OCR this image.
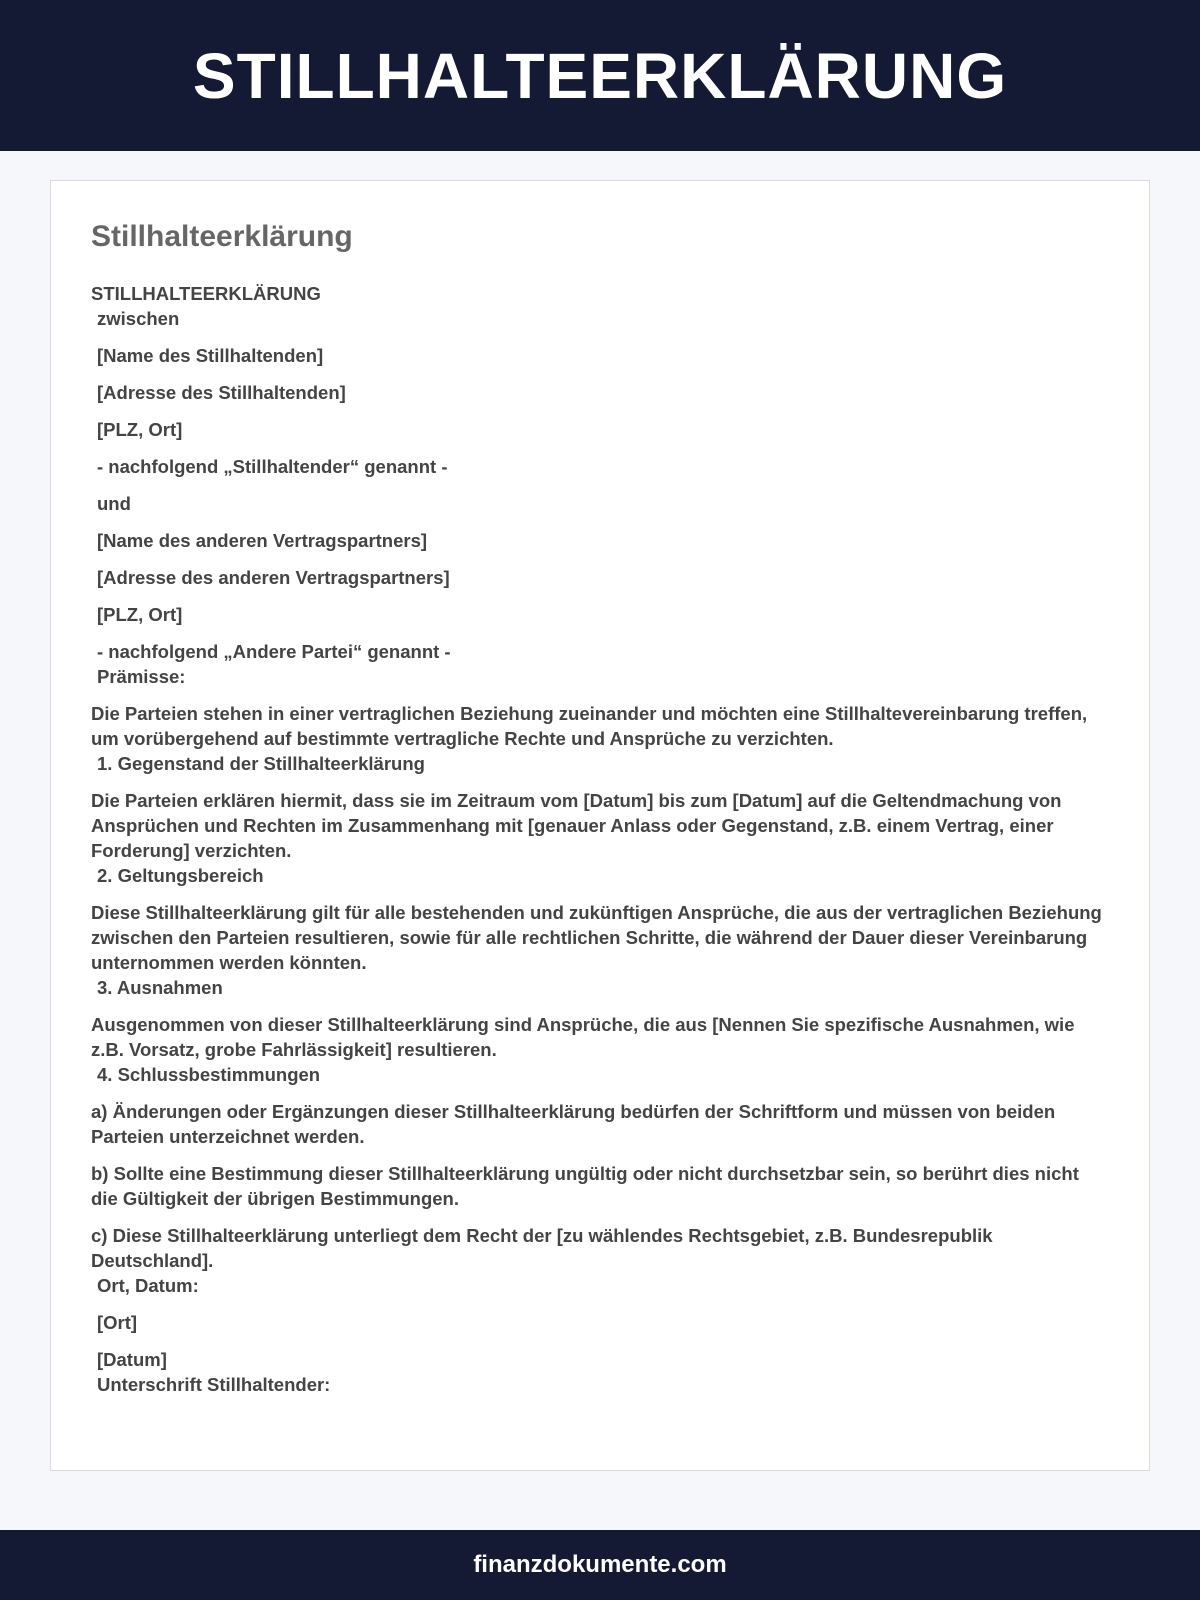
STILLHALTEERKLÄRUNG
Stillhalteerklärung
STILLHALTEERKLÄRUNG
zwischen
[Name des Stillhaltenden]
[Adresse des Stillhaltenden]
[PLZ, Ort]
- nachfolgend „Stillhaltender“ genannt -
und
[Name des anderen Vertragspartners]
[Adresse des anderen Vertragspartners]
[PLZ, Ort]
- nachfolgend „Andere Partei“ genannt -
Prämisse:
Die Parteien stehen in einer vertraglichen Beziehung zueinander und möchten eine Stillhaltevereinbarung treffen, um vorübergehend auf bestimmte vertragliche Rechte und Ansprüche zu verzichten.
1. Gegenstand der Stillhalteerklärung
Die Parteien erklären hiermit, dass sie im Zeitraum vom [Datum] bis zum [Datum] auf die Geltendmachung von Ansprüchen und Rechten im Zusammenhang mit [genauer Anlass oder Gegenstand, z.B. einem Vertrag, einer Forderung] verzichten.
2. Geltungsbereich
Diese Stillhalteerklärung gilt für alle bestehenden und zukünftigen Ansprüche, die aus der vertraglichen Beziehung zwischen den Parteien resultieren, sowie für alle rechtlichen Schritte, die während der Dauer dieser Vereinbarung unternommen werden könnten.
3. Ausnahmen
Ausgenommen von dieser Stillhalteerklärung sind Ansprüche, die aus [Nennen Sie spezifische Ausnahmen, wie z.B. Vorsatz, grobe Fahrlässigkeit] resultieren.
4. Schlussbestimmungen
a) Änderungen oder Ergänzungen dieser Stillhalteerklärung bedürfen der Schriftform und müssen von beiden Parteien unterzeichnet werden.
b) Sollte eine Bestimmung dieser Stillhalteerklärung ungültig oder nicht durchsetzbar sein, so berührt dies nicht die Gültigkeit der übrigen Bestimmungen.
c) Diese Stillhalteerklärung unterliegt dem Recht der [zu wählendes Rechtsgebiet, z.B. Bundesrepublik Deutschland].
Ort, Datum:
[Ort]
[Datum]
Unterschrift Stillhaltender:
finanzdokumente.com
